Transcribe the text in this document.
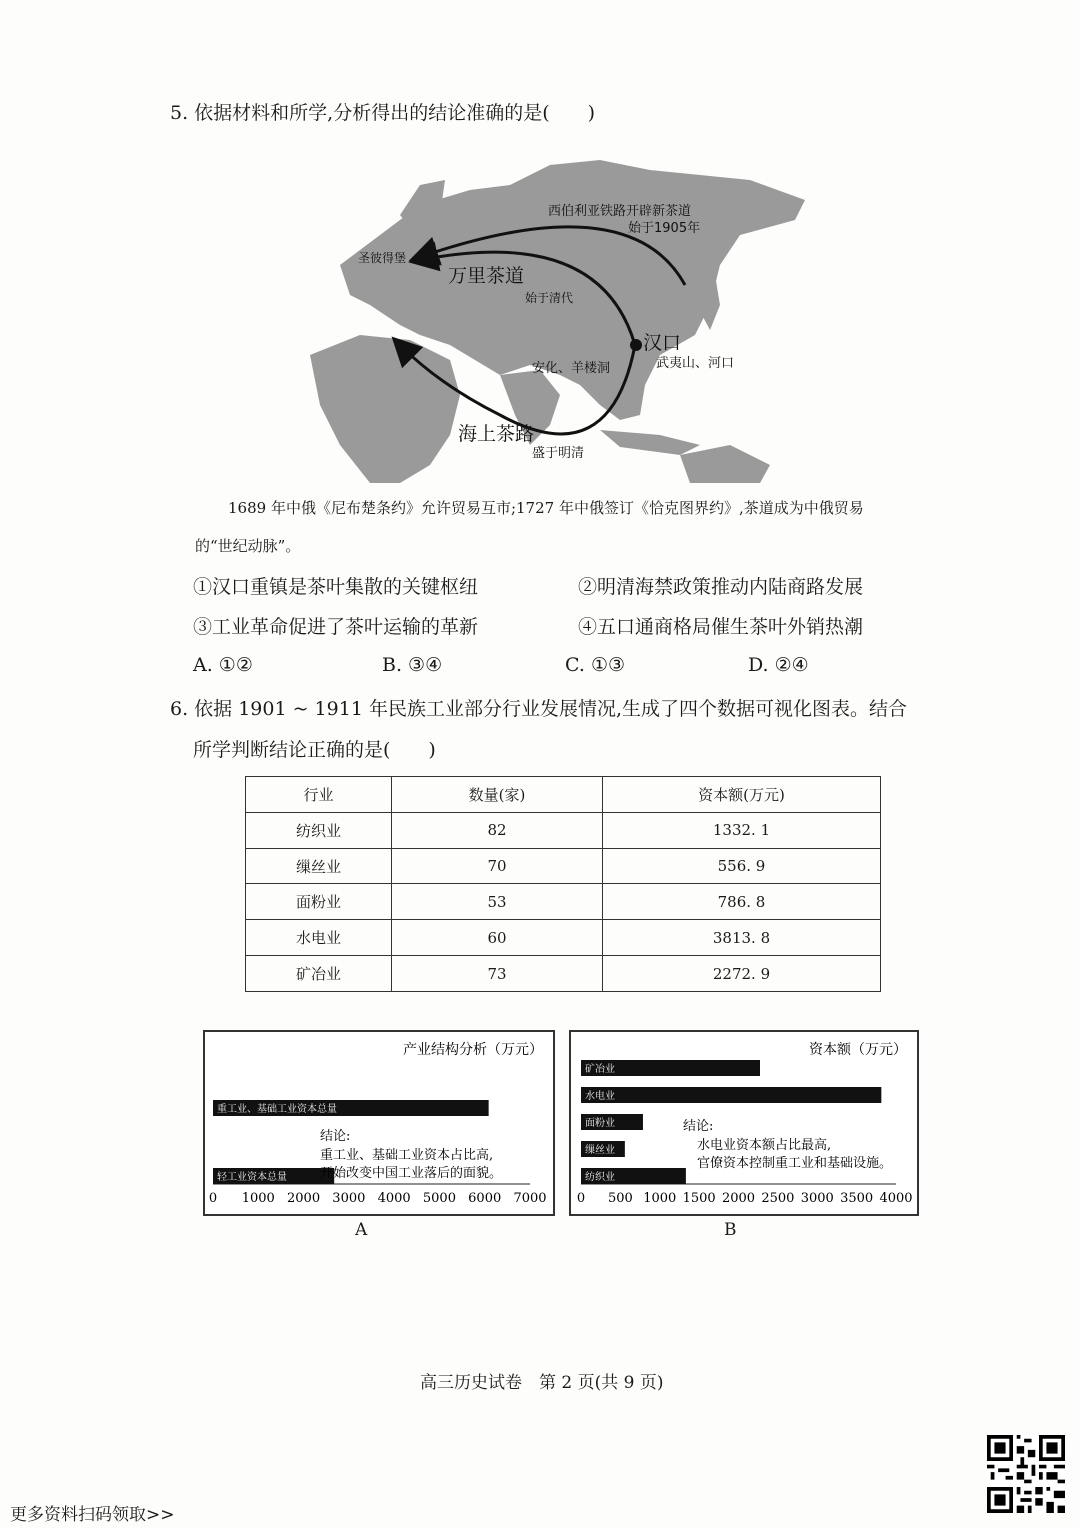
5. 依据材料和所学,分析得出的结论准确的是(　　)
西伯利亚铁路开辟新茶道
始于1905年
圣彼得堡
万里茶道
始于清代
汉口
武夷山、河口
安化、羊楼洞
海上茶路
盛于明清
1689 年中俄《尼布楚条约》允许贸易互市;1727 年中俄签订《恰克图界约》,茶道成为中俄贸易
的“世纪动脉”。
①汉口重镇是茶叶集散的关键枢纽	②明清海禁政策推动内陆商路发展
③工业革命促进了茶叶运输的革新	④五口通商格局催生茶叶外销热潮
A. ①②	B. ③④	C. ①③	D. ②④
6. 依据 1901 ~ 1911 年民族工业部分行业发展情况,生成了四个数据可视化图表。结合
所学判断结论正确的是(　　)
行业	数量(家)	资本额(万元)
纺织业	82	1332. 1
缫丝业	70	556. 9
面粉业	53	786. 8
水电业	60	3813. 8
矿冶业	73	2272. 9
产业结构分析（万元）
0 1000 2000 3000 4000 5000 6000 7000
重工业、基础工业资本总量
轻工业资本总量
结论:
重工业、基础工业资本占比高,
开始改变中国工业落后的面貌。
A
资本额（万元）
0 500 1000 1500 2000 2500 3000 3500 4000
矿冶业
水电业
面粉业
缫丝业
纺织业
结论:
水电业资本额占比最高,
官僚资本控制重工业和基础设施。
B
高三历史试卷　第 2 页(共 9 页)
更多资料扫码领取>>
